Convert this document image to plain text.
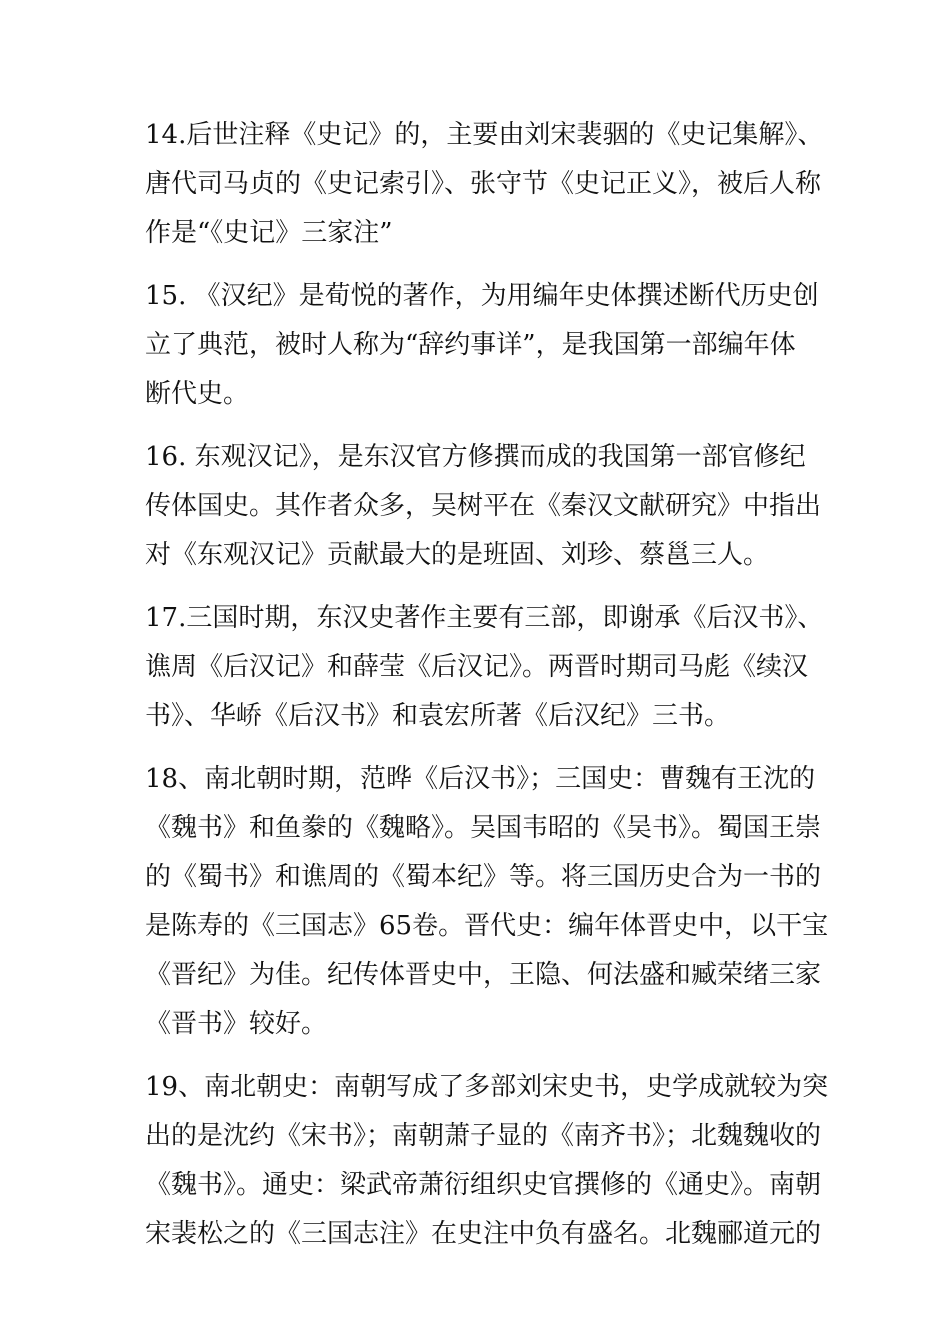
14.后世注释《史记》的，主要由刘宋裴骃的《史记集解》、
唐代司马贞的《史记索引》、张守节《史记正义》，被后人称
作是“《史记》三家注”

15. 《汉纪》是荀悦的著作，为用编年史体撰述断代历史创
立了典范，被时人称为“辞约事详”，是我国第一部编年体
断代史。

16. 东观汉记》，是东汉官方修撰而成的我国第一部官修纪
传体国史。其作者众多，吴树平在《秦汉文献研究》中指出
对《东观汉记》贡献最大的是班固、刘珍、蔡邕三人。

17.三国时期，东汉史著作主要有三部，即谢承《后汉书》、
谯周《后汉记》和薛莹《后汉记》。两晋时期司马彪《续汉
书》、华峤《后汉书》和袁宏所著《后汉纪》三书。

18、南北朝时期，范晔《后汉书》；三国史：曹魏有王沈的
《魏书》和鱼豢的《魏略》。吴国韦昭的《吴书》。蜀国王崇
的《蜀书》和谯周的《蜀本纪》等。将三国历史合为一书的
是陈寿的《三国志》65卷。晋代史：编年体晋史中，以干宝
《晋纪》为佳。纪传体晋史中，王隐、何法盛和臧荣绪三家
《晋书》较好。

19、南北朝史：南朝写成了多部刘宋史书，史学成就较为突
出的是沈约《宋书》；南朝萧子显的《南齐书》；北魏魏收的
《魏书》。通史：梁武帝萧衍组织史官撰修的《通史》。南朝
宋裴松之的《三国志注》在史注中负有盛名。北魏郦道元的
